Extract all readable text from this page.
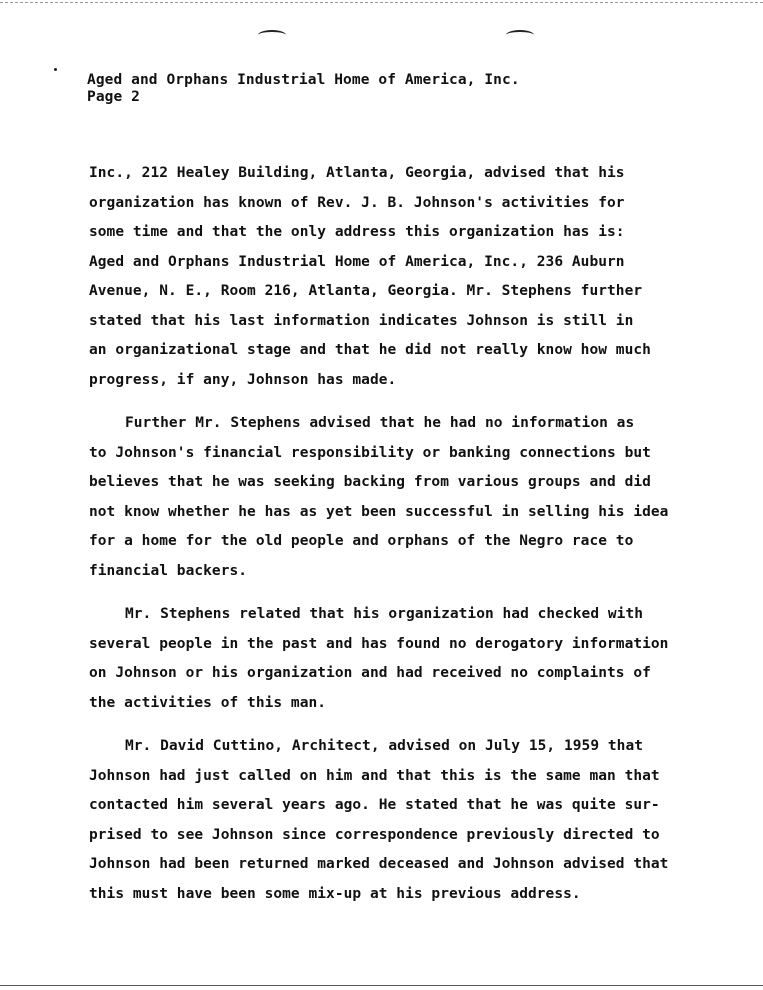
Aged and Orphans Industrial Home of America, Inc.
Page 2
Inc., 212 Healey Building, Atlanta, Georgia, advised that his
organization has known of Rev. J. B. Johnson's activities for
some time and that the only address this organization has is:
Aged and Orphans Industrial Home of America, Inc., 236 Auburn
Avenue, N. E., Room 216, Atlanta, Georgia. Mr. Stephens further
stated that his last information indicates Johnson is still in
an organizational stage and that he did not really know how much
progress, if any, Johnson has made.
Further Mr. Stephens advised that he had no information as
to Johnson's financial responsibility or banking connections but
believes that he was seeking backing from various groups and did
not know whether he has as yet been successful in selling his idea
for a home for the old people and orphans of the Negro race to
financial backers.
Mr. Stephens related that his organization had checked with
several people in the past and has found no derogatory information
on Johnson or his organization and had received no complaints of
the activities of this man.
Mr. David Cuttino, Architect, advised on July 15, 1959 that
Johnson had just called on him and that this is the same man that
contacted him several years ago. He stated that he was quite sur-
prised to see Johnson since correspondence previously directed to
Johnson had been returned marked deceased and Johnson advised that
this must have been some mix-up at his previous address.
